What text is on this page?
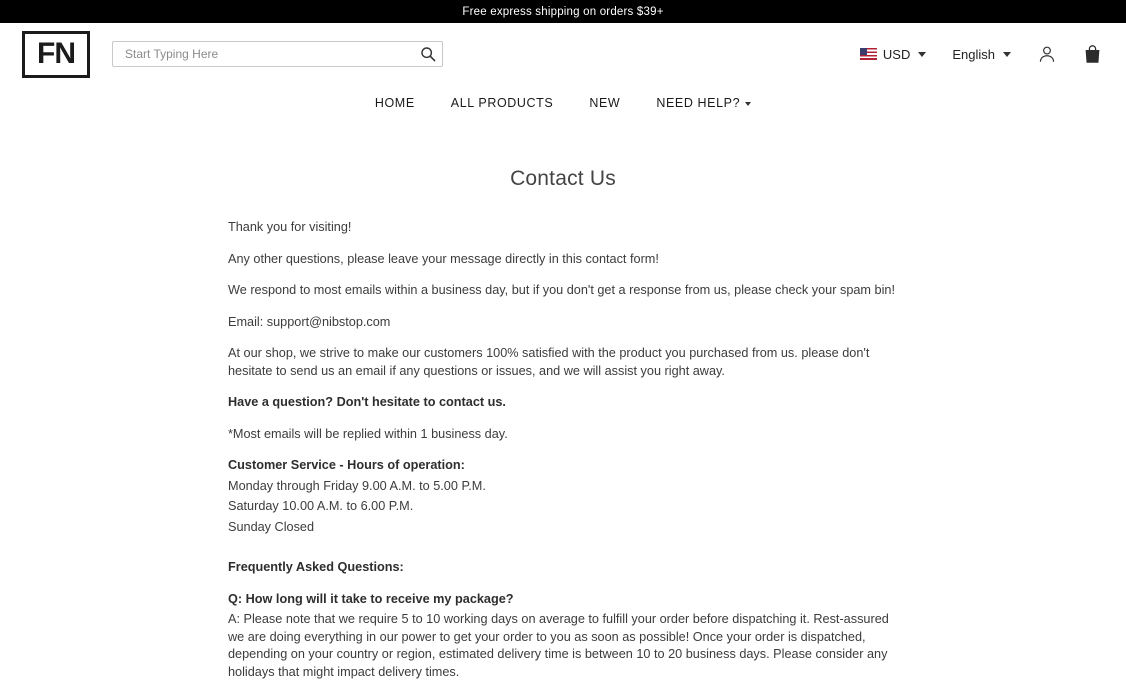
Free express shipping on orders $39+
FN
Start Typing Here	USD	English
HOME	ALL PRODUCTS	NEW	NEED HELP?
Contact Us

Thank you for visiting!

Any other questions, please leave your message directly in this contact form!

We respond to most emails within a business day, but if you don't get a response from us, please check your spam bin!

Email: support@nibstop.com

At our shop, we strive to make our customers 100% satisfied with the product you purchased from us. please don't hesitate to send us an email if any questions or issues, and we will assist you right away.

Have a question? Don't hesitate to contact us.

*Most emails will be replied within 1 business day.

Customer Service - Hours of operation:

Monday through Friday 9.00 A.M. to 5.00 P.M.

Saturday 10.00 A.M. to 6.00 P.M.

Sunday Closed

Frequently Asked Questions:

Q: How long will it take to receive my package?

A: Please note that we require 5 to 10 working days on average to fulfill your order before dispatching it. Rest-assured we are doing everything in our power to get your order to you as soon as possible! Once your order is dispatched, depending on your country or region, estimated delivery time is between 10 to 20 business days. Please consider any holidays that might impact delivery times.
